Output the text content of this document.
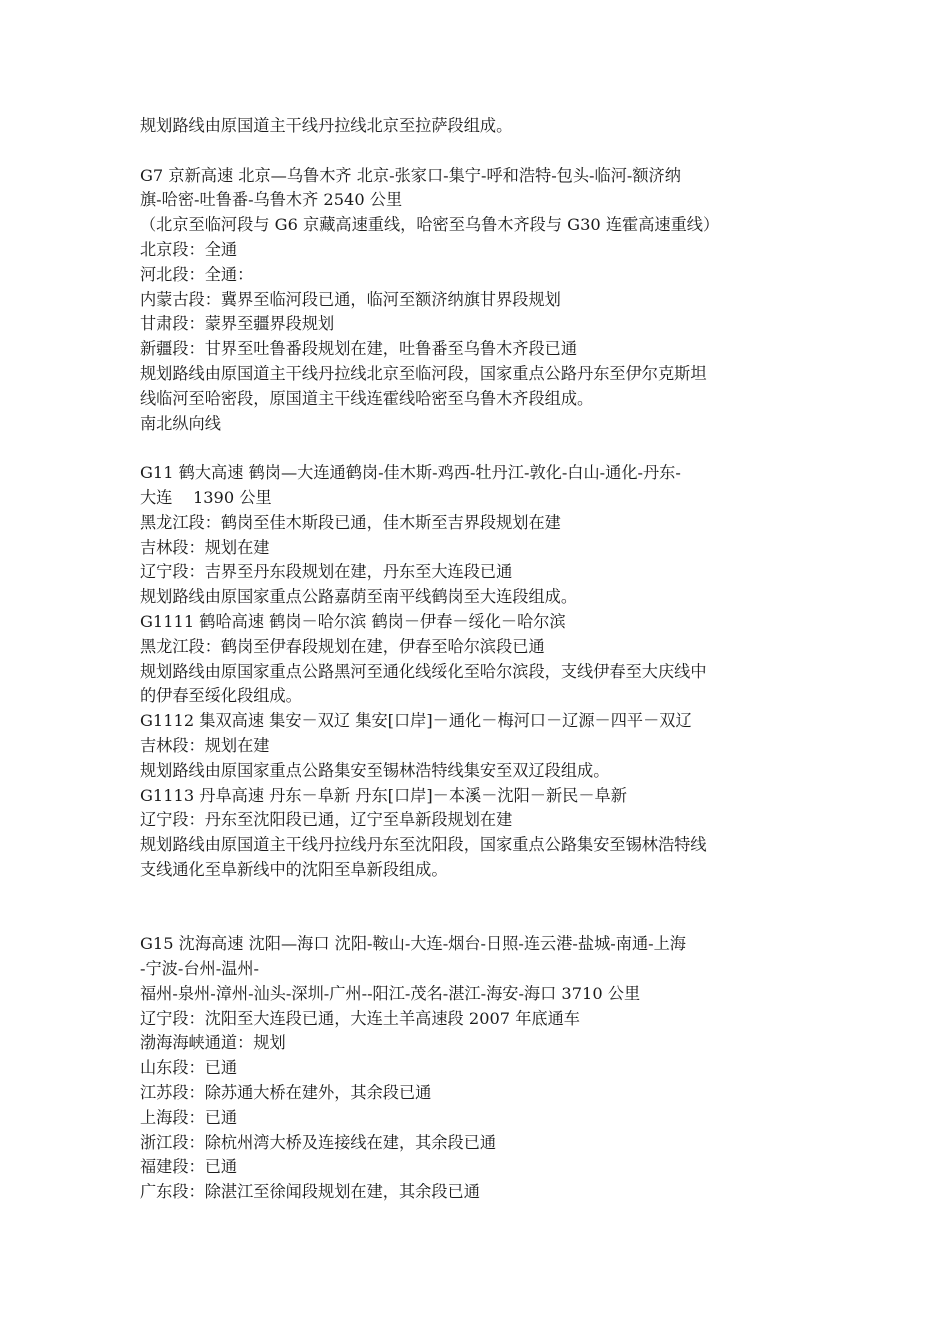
规划路线由原国道主干线丹拉线北京至拉萨段组成。
G7 京新高速 北京—乌鲁木齐 北京-张家口-集宁-呼和浩特-包头-临河-额济纳
旗-哈密-吐鲁番-乌鲁木齐 2540 公里
（北京至临河段与 G6 京藏高速重线，哈密至乌鲁木齐段与 G30 连霍高速重线）
北京段：全通
河北段：全通：
内蒙古段：冀界至临河段已通，临河至额济纳旗甘界段规划
甘肃段：蒙界至疆界段规划
新疆段：甘界至吐鲁番段规划在建，吐鲁番至乌鲁木齐段已通
规划路线由原国道主干线丹拉线北京至临河段，国家重点公路丹东至伊尔克斯坦
线临河至哈密段，原国道主干线连霍线哈密至乌鲁木齐段组成。
南北纵向线
G11 鹤大高速 鹤岗—大连通鹤岗-佳木斯-鸡西-牡丹江-敦化-白山-通化-丹东-
大连    1390 公里
黑龙江段：鹤岗至佳木斯段已通，佳木斯至吉界段规划在建
吉林段：规划在建
辽宁段：吉界至丹东段规划在建，丹东至大连段已通
规划路线由原国家重点公路嘉荫至南平线鹤岗至大连段组成。
G1111 鹤哈高速 鹤岗－哈尔滨 鹤岗－伊春－绥化－哈尔滨
黑龙江段：鹤岗至伊春段规划在建，伊春至哈尔滨段已通
规划路线由原国家重点公路黑河至通化线绥化至哈尔滨段，支线伊春至大庆线中
的伊春至绥化段组成。
G1112 集双高速 集安－双辽 集安[口岸]－通化－梅河口－辽源－四平－双辽
吉林段：规划在建
规划路线由原国家重点公路集安至锡林浩特线集安至双辽段组成。
G1113 丹阜高速 丹东－阜新 丹东[口岸]－本溪－沈阳－新民－阜新
辽宁段：丹东至沈阳段已通，辽宁至阜新段规划在建
规划路线由原国道主干线丹拉线丹东至沈阳段，国家重点公路集安至锡林浩特线
支线通化至阜新线中的沈阳至阜新段组成。
G15 沈海高速 沈阳—海口 沈阳-鞍山-大连-烟台-日照-连云港-盐城-南通-上海
-宁波-台州-温州-
福州-泉州-漳州-汕头-深圳-广州--阳江-茂名-湛江-海安-海口 3710 公里
辽宁段：沈阳至大连段已通，大连土羊高速段 2007 年底通车
渤海海峡通道：规划
山东段：已通
江苏段：除苏通大桥在建外，其余段已通
上海段：已通
浙江段：除杭州湾大桥及连接线在建，其余段已通
福建段：已通
广东段：除湛江至徐闻段规划在建，其余段已通
